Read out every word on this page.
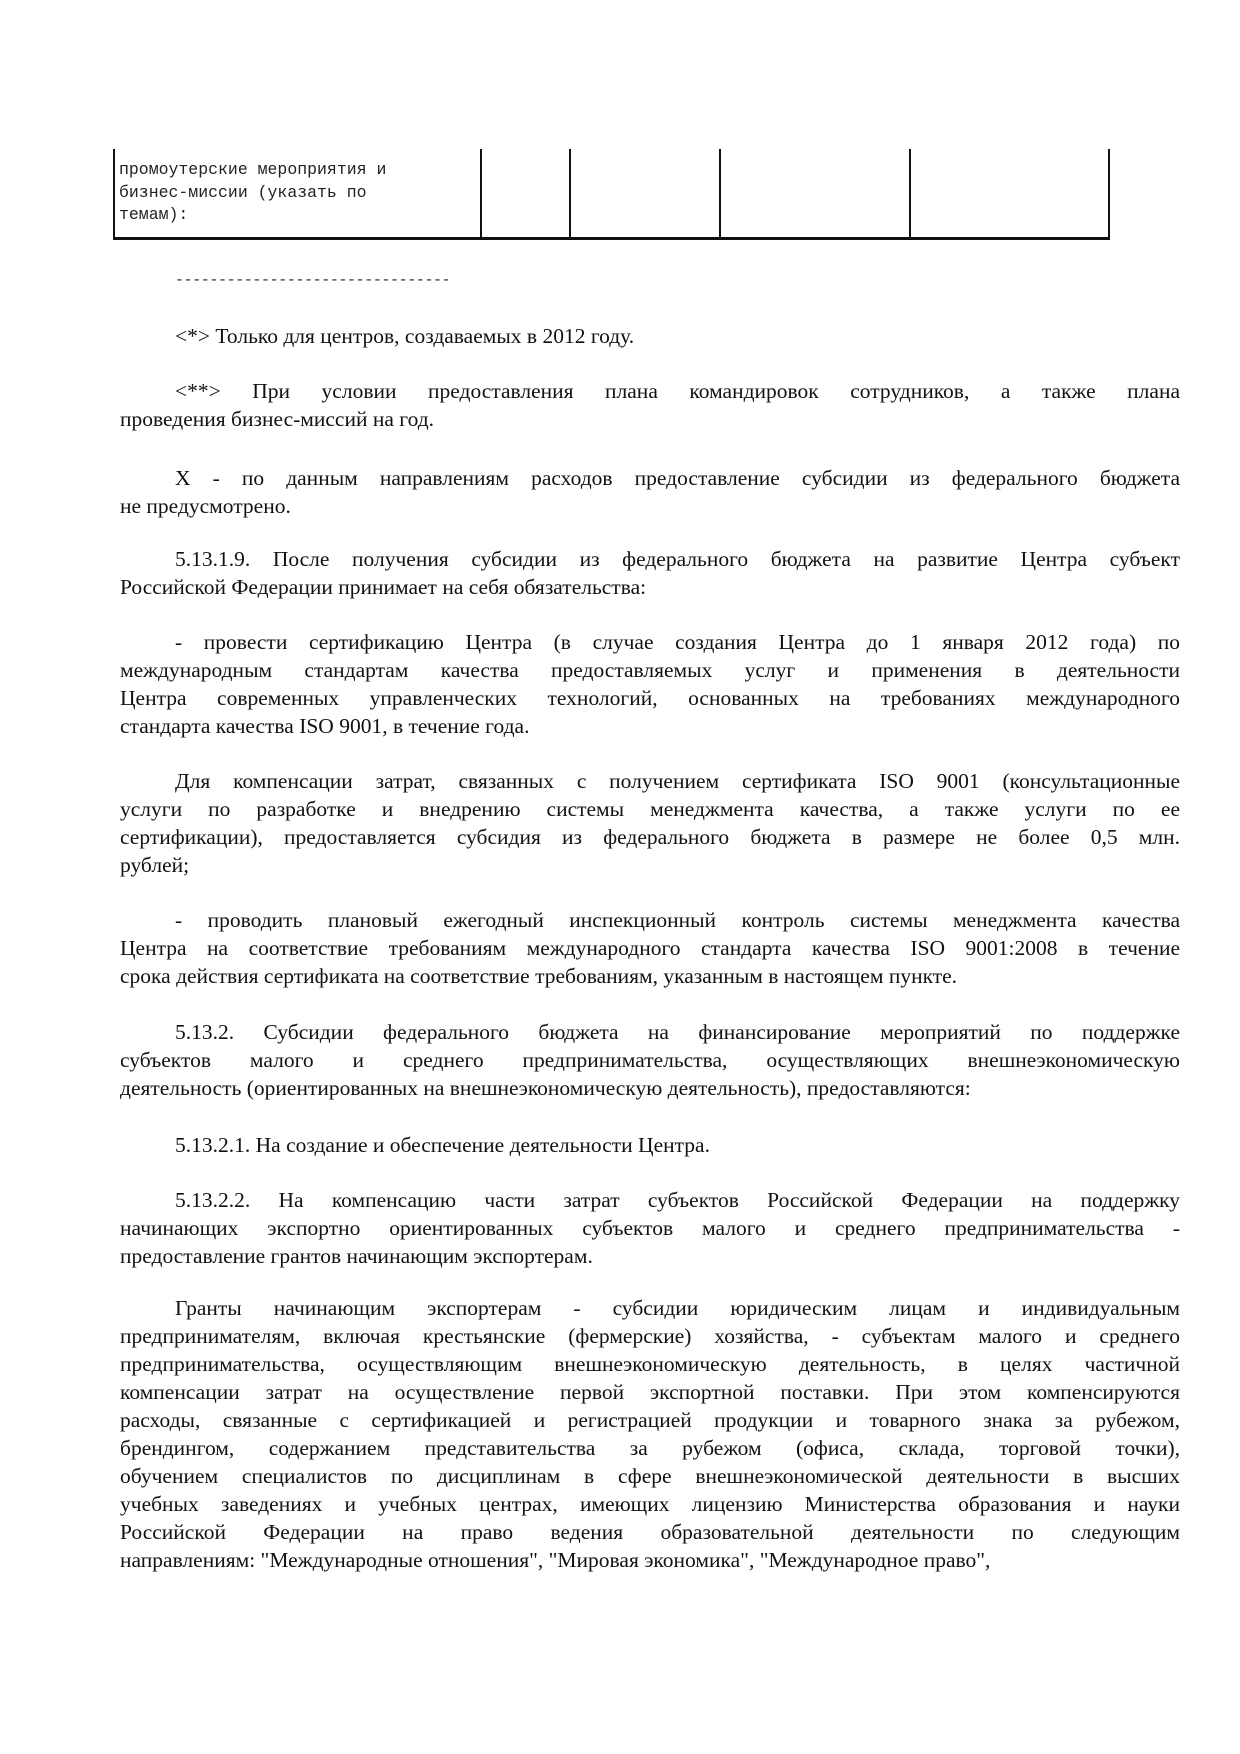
промоутерские мероприятия и
бизнес-миссии (указать по
темам):
--------------------------------
<*> Только для центров, создаваемых в 2012 году.
<**> При условии предоставления плана командировок сотрудников, а также плана
проведения бизнес-миссий на год.
X - по данным направлениям расходов предоставление субсидии из федерального бюджета
не предусмотрено.
5.13.1.9. После получения субсидии из федерального бюджета на развитие Центра субъект
Российской Федерации принимает на себя обязательства:
- провести сертификацию Центра (в случае создания Центра до 1 января 2012 года) по
международным стандартам качества предоставляемых услуг и применения в деятельности
Центра современных управленческих технологий, основанных на требованиях международного
стандарта качества ISO 9001, в течение года.
Для компенсации затрат, связанных с получением сертификата ISO 9001 (консультационные
услуги по разработке и внедрению системы менеджмента качества, а также услуги по ее
сертификации), предоставляется субсидия из федерального бюджета в размере не более 0,5 млн.
рублей;
- проводить плановый ежегодный инспекционный контроль системы менеджмента качества
Центра на соответствие требованиям международного стандарта качества ISO 9001:2008 в течение
срока действия сертификата на соответствие требованиям, указанным в настоящем пункте.
5.13.2. Субсидии федерального бюджета на финансирование мероприятий по поддержке
субъектов малого и среднего предпринимательства, осуществляющих внешнеэкономическую
деятельность (ориентированных на внешнеэкономическую деятельность), предоставляются:
5.13.2.1. На создание и обеспечение деятельности Центра.
5.13.2.2. На компенсацию части затрат субъектов Российской Федерации на поддержку
начинающих экспортно ориентированных субъектов малого и среднего предпринимательства -
предоставление грантов начинающим экспортерам.
Гранты начинающим экспортерам - субсидии юридическим лицам и индивидуальным
предпринимателям, включая крестьянские (фермерские) хозяйства, - субъектам малого и среднего
предпринимательства, осуществляющим внешнеэкономическую деятельность, в целях частичной
компенсации затрат на осуществление первой экспортной поставки. При этом компенсируются
расходы, связанные с сертификацией и регистрацией продукции и товарного знака за рубежом,
брендингом, содержанием представительства за рубежом (офиса, склада, торговой точки),
обучением специалистов по дисциплинам в сфере внешнеэкономической деятельности в высших
учебных заведениях и учебных центрах, имеющих лицензию Министерства образования и науки
Российской Федерации на право ведения образовательной деятельности по следующим
направлениям: "Международные отношения", "Мировая экономика", "Международное право",
